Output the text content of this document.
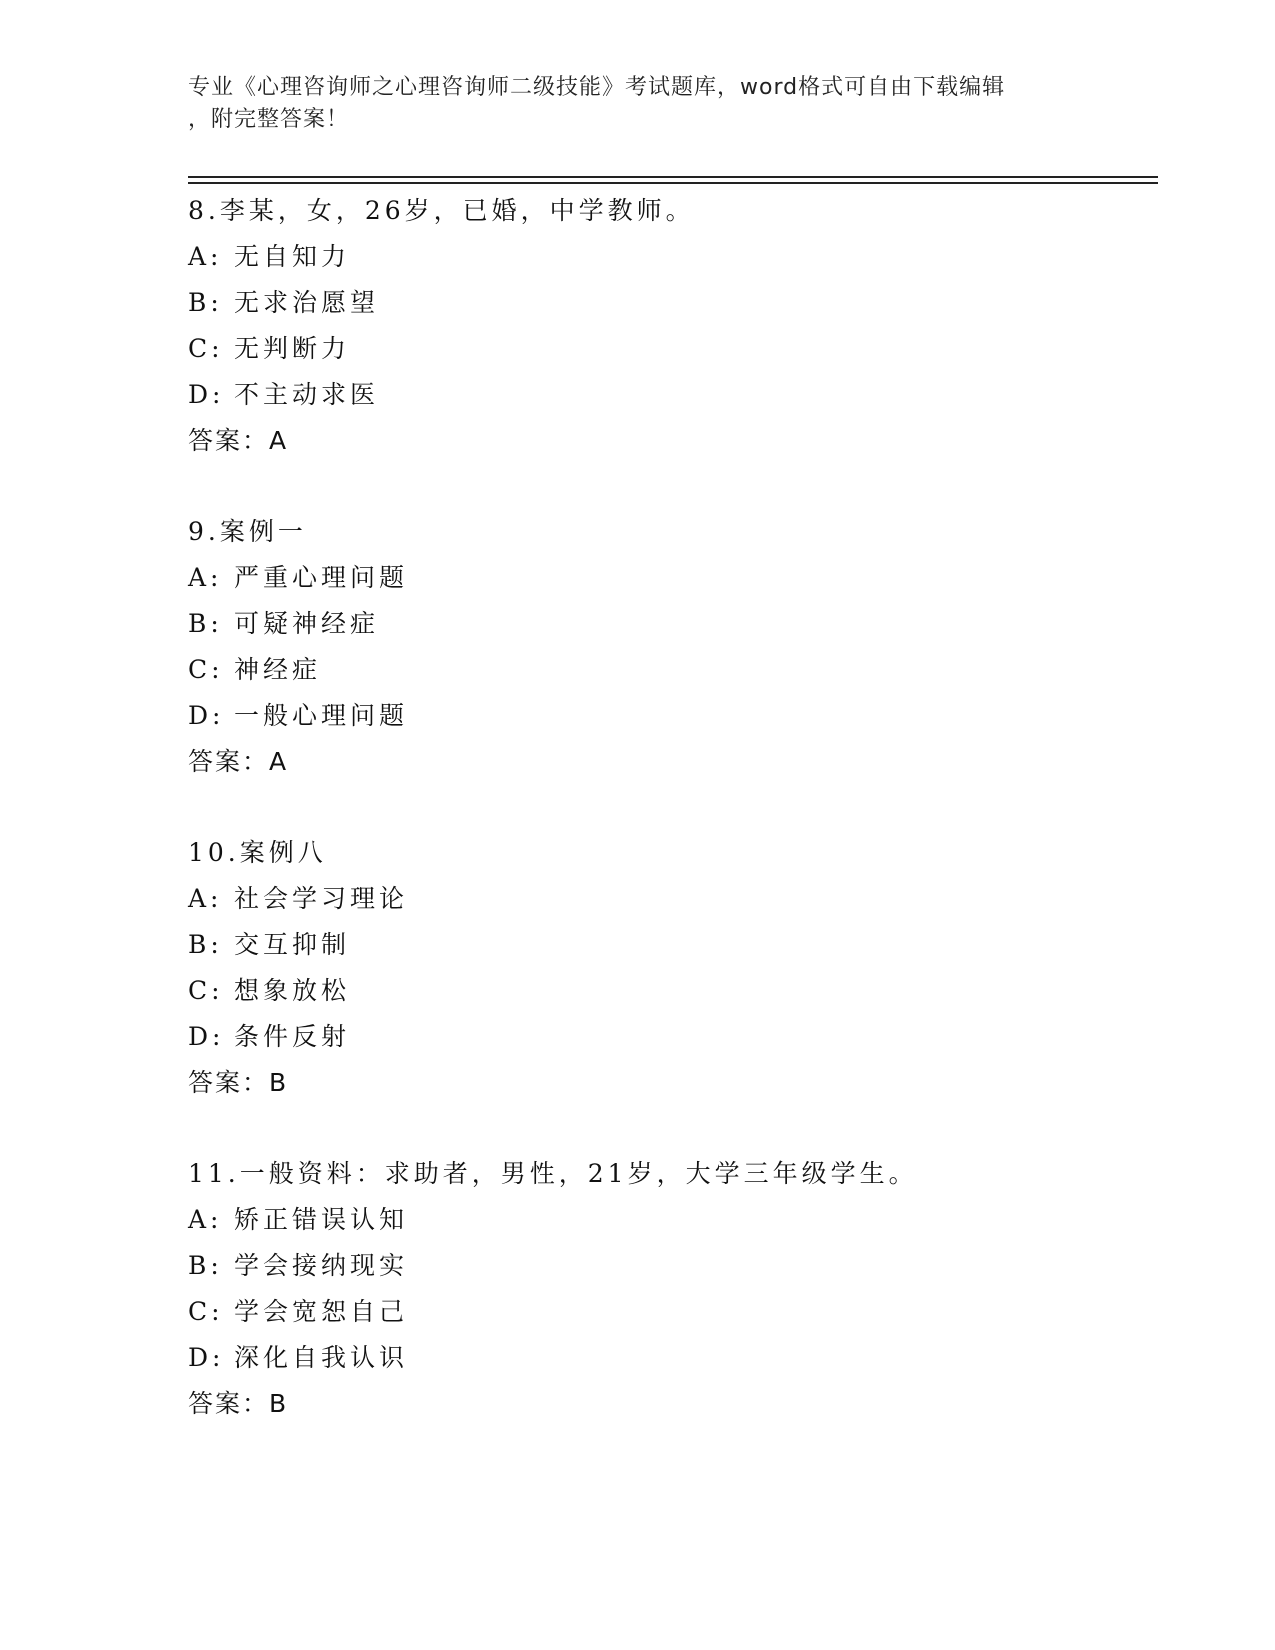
专业《心理咨询师之心理咨询师二级技能》考试题库，word格式可自由下载编辑

，附完整答案！
8.李某，女，26岁，已婚，中学教师。
A: 无自知力
B: 无求治愿望
C: 无判断力
D: 不主动求医
答案：A
9.案例一
A: 严重心理问题
B: 可疑神经症
C: 神经症
D: 一般心理问题
答案：A
10.案例八
A: 社会学习理论
B: 交互抑制
C: 想象放松
D: 条件反射
答案：B
11.一般资料：求助者，男性，21岁，大学三年级学生。
A: 矫正错误认知
B: 学会接纳现实
C: 学会宽恕自己
D: 深化自我认识
答案：B
